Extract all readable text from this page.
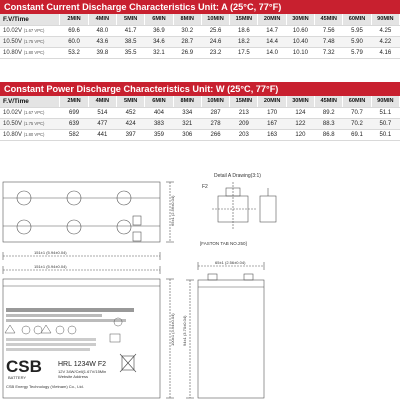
Constant Current Discharge Characteristics Unit: A (25°C, 77°F)
F.V/Time	2MIN	4MIN	5MIN	6MIN	8MIN	10MIN	15MIN	20MIN	30MIN	45MIN	60MIN	90MIN
10.02V (1.67 VPC)	69.6	48.0	41.7	36.9	30.2	25.6	18.6	14.7	10.60	7.56	5.95	4.25
10.50V (1.75 VPC)	60.0	43.6	38.5	34.6	28.7	24.6	18.2	14.4	10.40	7.48	5.90	4.22
10.80V (1.80 VPC)	53.2	39.8	35.5	32.1	26.9	23.2	17.5	14.0	10.10	7.32	5.79	4.16
Constant Power Discharge Characteristics Unit: W (25°C, 77°F)
F.V/Time	2MIN	4MIN	5MIN	6MIN	8MIN	10MIN	15MIN	20MIN	30MIN	45MIN	60MIN	90MIN
10.02V (1.67 VPC)	699	514	452	404	334	287	213	170	124	89.2	70.7	51.1
10.50V (1.75 VPC)	639	477	424	383	321	278	209	167	122	88.3	70.2	50.7
10.80V (1.80 VPC)	582	441	397	359	306	266	203	163	120	86.8	69.1	50.1
CSB
BATTERY
HRL 1234W F2
12V 34W/Cell(1.67V/15Min
Website Address
CSB Energy Technology (Vietnam) Co., Ltd.
Detail A Drawing(3:1)
F2
[FASTON TAB NO.250]
151±1 (5.94±0.04)
151±1 (5.94±0.04)
65±1 (2.56±0.04)
100±1 (3.94±0.04) 94±1 (3.70±0.04)
65±1 (2.56±0.04)
